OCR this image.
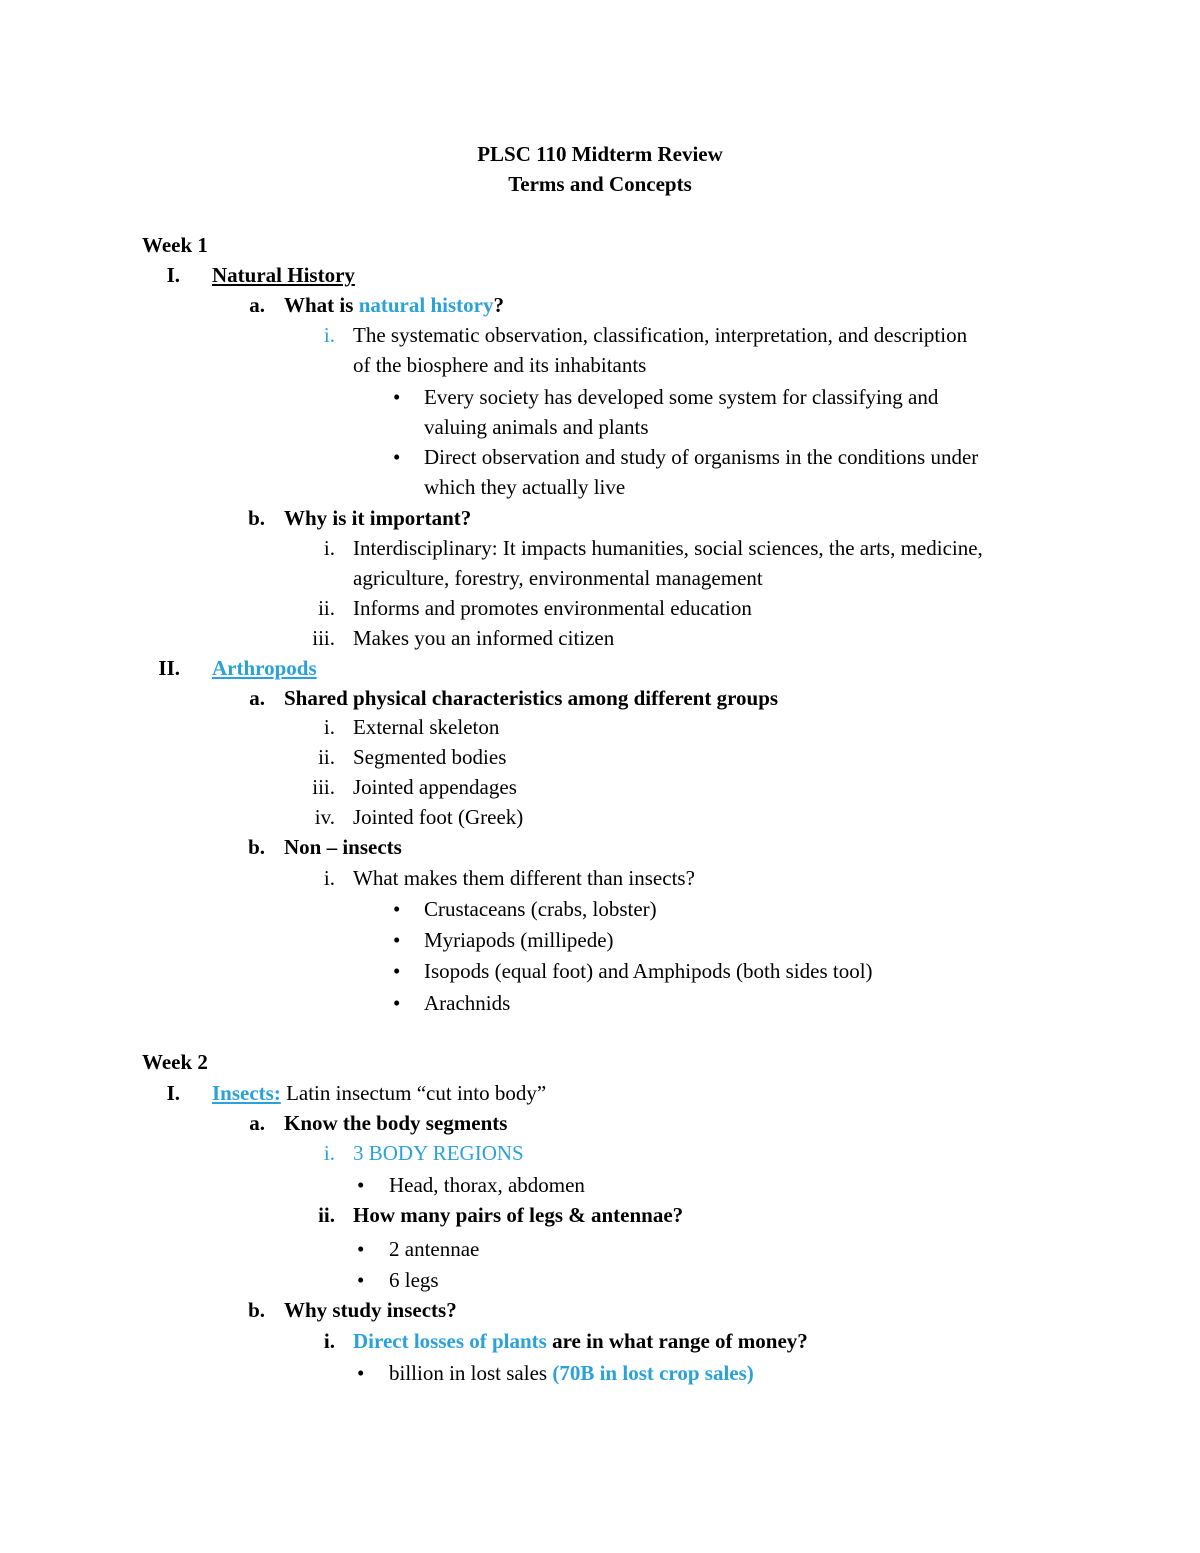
PLSC 110 Midterm Review
Terms and Concepts
Week 1
I. Natural History
a. What is natural history?
i. The systematic observation, classification, interpretation, and description
of the biosphere and its inhabitants
• Every society has developed some system for classifying and
valuing animals and plants
• Direct observation and study of organisms in the conditions under
which they actually live
b. Why is it important?
i. Interdisciplinary: It impacts humanities, social sciences, the arts, medicine,
agriculture, forestry, environmental management
ii. Informs and promotes environmental education
iii. Makes you an informed citizen
II. Arthropods
a. Shared physical characteristics among different groups
i. External skeleton
ii. Segmented bodies
iii. Jointed appendages
iv. Jointed foot (Greek)
b. Non – insects
i. What makes them different than insects?
• Crustaceans (crabs, lobster)
• Myriapods (millipede)
• Isopods (equal foot) and Amphipods (both sides tool)
• Arachnids
Week 2
I. Insects: Latin insectum “cut into body”
a. Know the body segments
i. 3 BODY REGIONS
• Head, thorax, abdomen
ii. How many pairs of legs & antennae?
• 2 antennae
• 6 legs
b. Why study insects?
i. Direct losses of plants are in what range of money?
• billion in lost sales (70B in lost crop sales)
